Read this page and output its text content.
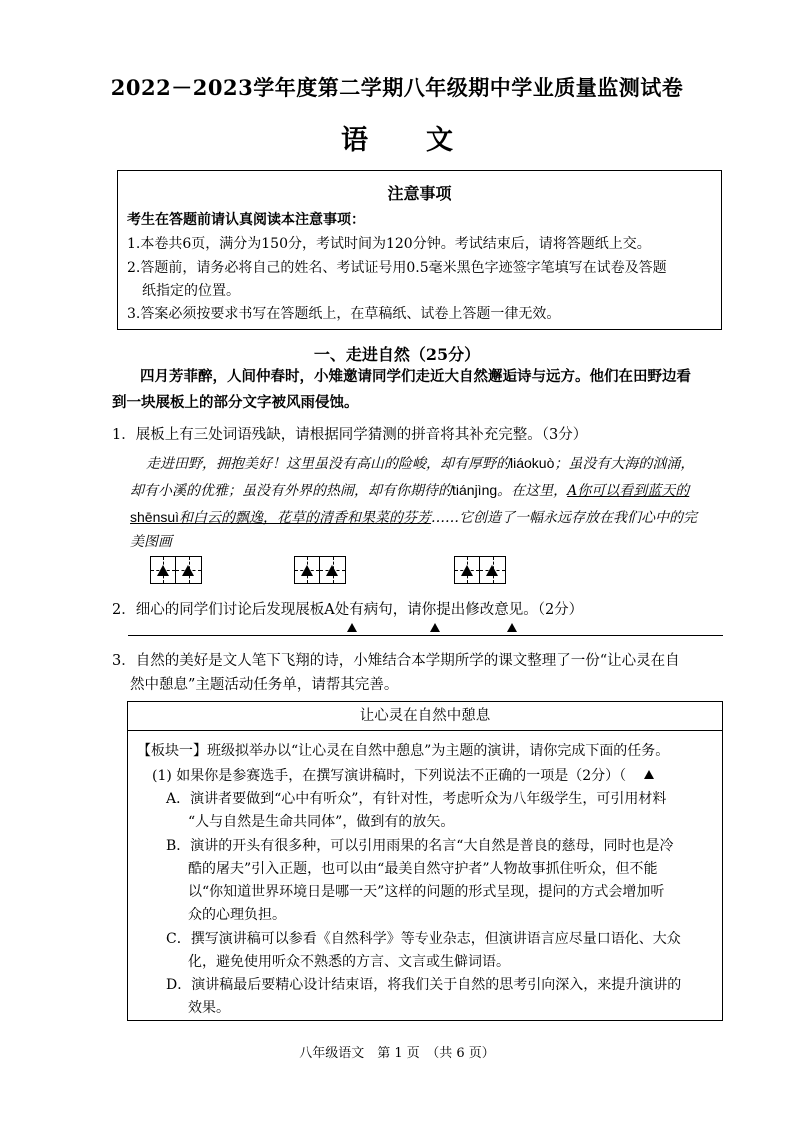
2022－2023学年度第二学期八年级期中学业质量监测试卷
语 文
注意事项
考生在答题前请认真阅读本注意事项：
1.本卷共6页，满分为150分，考试时间为120分钟。考试结束后，请将答题纸上交。
2.答题前，请务必将自己的姓名、考试证号用0.5毫米黑色字迹签字笔填写在试卷及答题
纸指定的位置。
3.答案必须按要求书写在答题纸上，在草稿纸、试卷上答题一律无效。
一、走进自然（25分）
四月芳菲醉，人间仲春时，小雉邀请同学们走近大自然邂逅诗与远方。他们在田野边看
到一块展板上的部分文字被风雨侵蚀。
1．展板上有三处词语残缺，请根据同学猜测的拼音将其补充完整。（3分）
走进田野，拥抱美好！这里虽没有高山的险峻，却有厚野的liáokuò；虽没有大海的汹涌，
却有小溪的优雅；虽没有外界的热闹，却有你期待的tiánjìng。在这里，A你可以看到蓝天的
shēnsuì和白云的飘逸，花草的清香和果菜的芬芳……它创造了一幅永远存放在我们心中的完
美图画
2．细心的同学们讨论后发现展板A处有病句，请你提出修改意见。（2分）
3．自然的美好是文人笔下飞翔的诗，小雉结合本学期所学的课文整理了一份“让心灵在自
然中憩息”主题活动任务单，请帮其完善。
让心灵在自然中憩息
【板块一】班级拟举办以“让心灵在自然中憩息”为主题的演讲，请你完成下面的任务。
(1) 如果你是参赛选手，在撰写演讲稿时，下列说法不正确的一项是（2分）（
A．演讲者要做到“心中有听众”，有针对性，考虑听众为八年级学生，可引用材料
“人与自然是生命共同体”，做到有的放矢。
B．演讲的开头有很多种，可以引用雨果的名言“大自然是普良的慈母，同时也是冷
酷的屠夫”引入正题，也可以由“最美自然守护者”人物故事抓住听众，但不能
以“你知道世界环境日是哪一天”这样的问题的形式呈现，提问的方式会增加听
众的心理负担。
C．撰写演讲稿可以参看《自然科学》等专业杂志，但演讲语言应尽量口语化、大众
化，避免使用听众不熟悉的方言、文言或生僻词语。
D．演讲稿最后要精心设计结束语，将我们关于自然的思考引向深入，来提升演讲的
效果。
八年级语文　第 1 页　（共 6 页）
